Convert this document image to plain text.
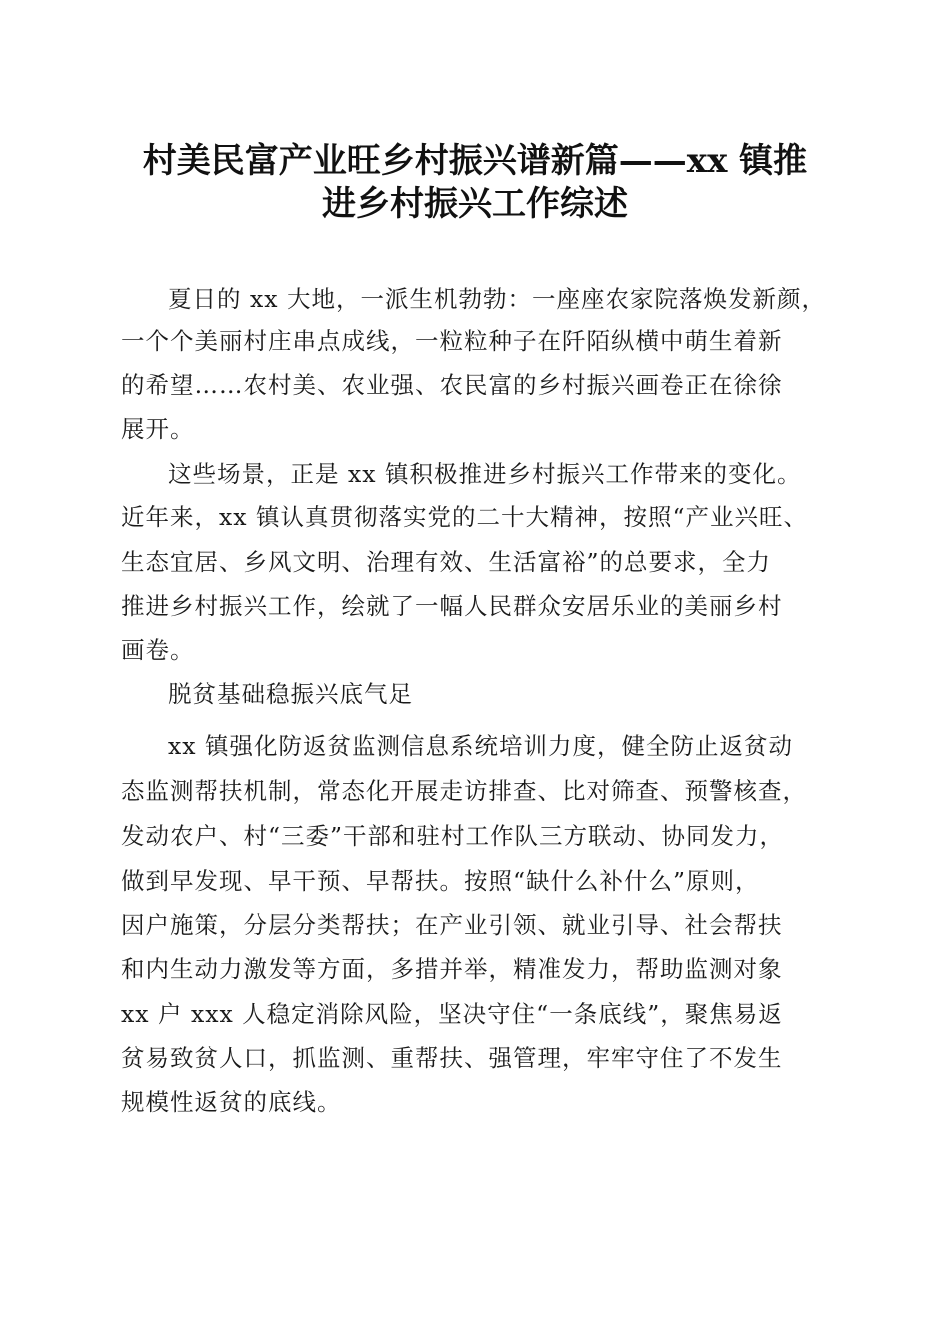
村美民富产业旺乡村振兴谱新篇——xx 镇推
进乡村振兴工作综述
夏日的 xx 大地，一派生机勃勃：一座座农家院落焕发新颜，
一个个美丽村庄串点成线，一粒粒种子在阡陌纵横中萌生着新
的希望……农村美、农业强、农民富的乡村振兴画卷正在徐徐
展开。
这些场景，正是 xx 镇积极推进乡村振兴工作带来的变化。
近年来，xx 镇认真贯彻落实党的二十大精神，按照“产业兴旺、
生态宜居、乡风文明、治理有效、生活富裕”的总要求，全力
推进乡村振兴工作，绘就了一幅人民群众安居乐业的美丽乡村
画卷。
脱贫基础稳振兴底气足
xx 镇强化防返贫监测信息系统培训力度，健全防止返贫动
态监测帮扶机制，常态化开展走访排查、比对筛查、预警核查，
发动农户、村“三委”干部和驻村工作队三方联动、协同发力，
做到早发现、早干预、早帮扶。按照“缺什么补什么”原则，
因户施策，分层分类帮扶；在产业引领、就业引导、社会帮扶
和内生动力激发等方面，多措并举，精准发力，帮助监测对象
xx 户 xxx 人稳定消除风险，坚决守住“一条底线”，聚焦易返
贫易致贫人口，抓监测、重帮扶、强管理，牢牢守住了不发生
规模性返贫的底线。
